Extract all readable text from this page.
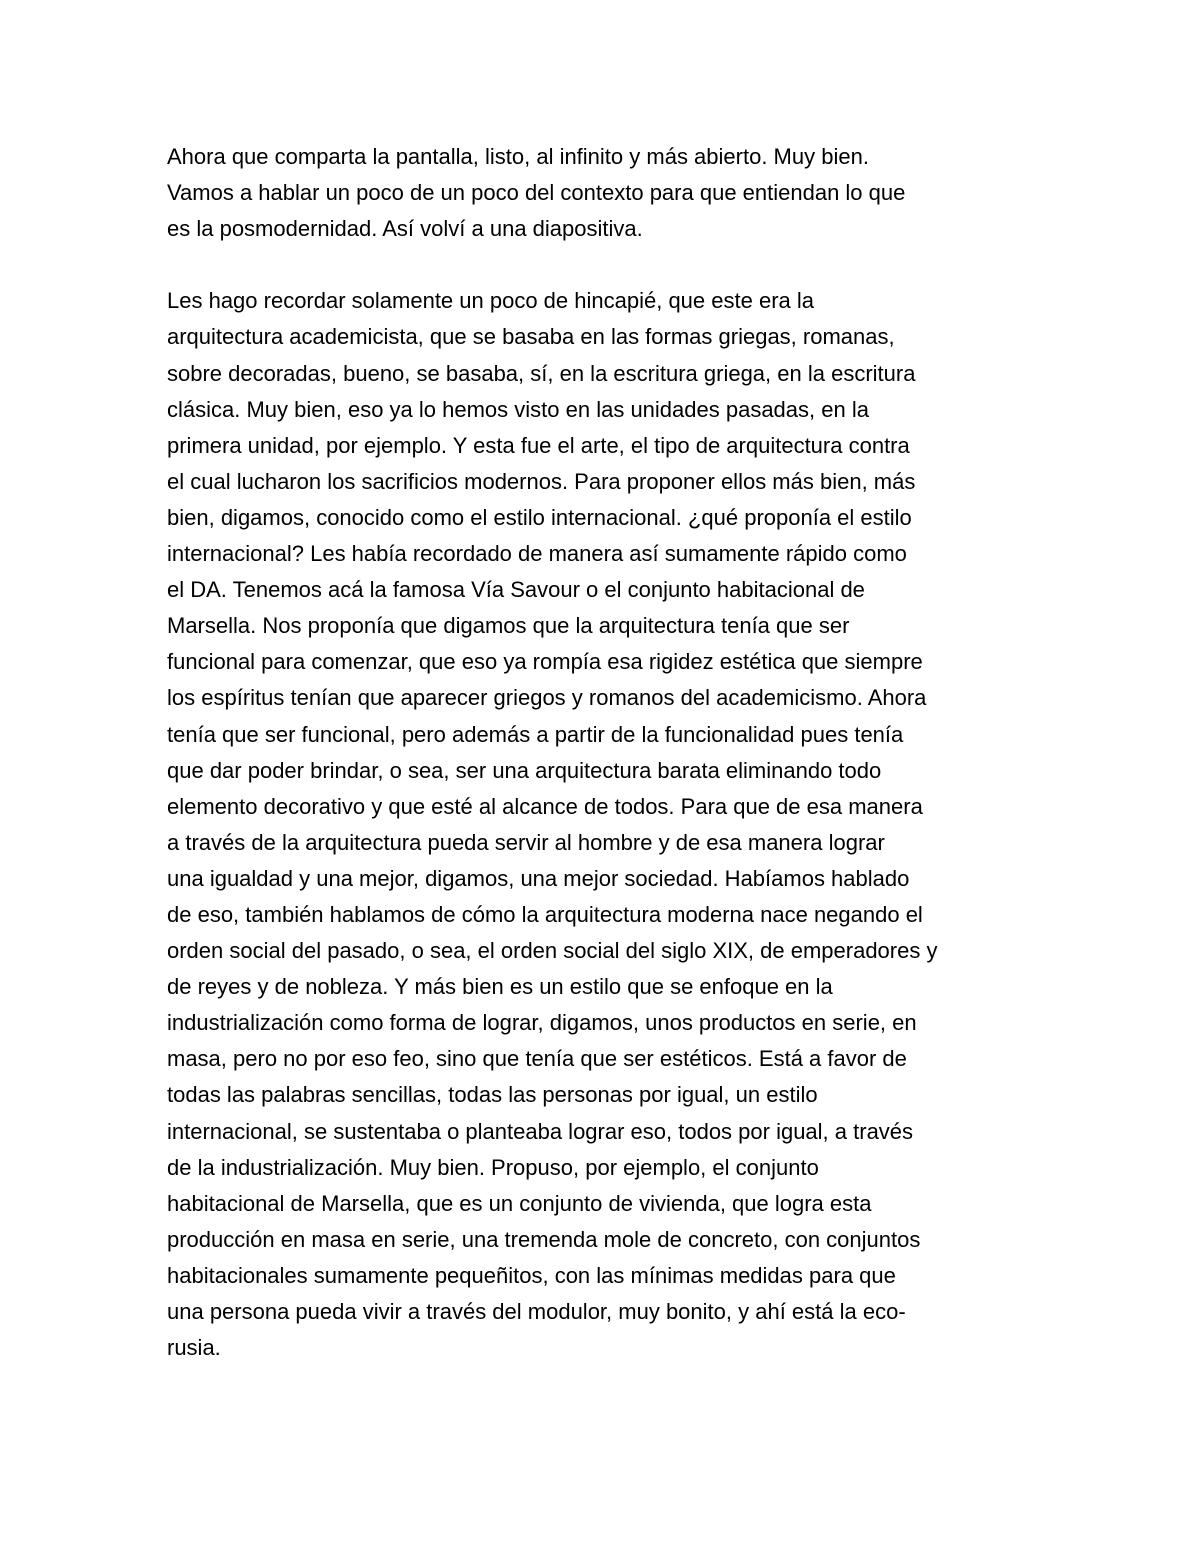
Ahora que comparta la pantalla, listo, al infinito y más abierto. Muy bien.
Vamos a hablar un poco de un poco del contexto para que entiendan lo que
es la posmodernidad. Así volví a una diapositiva.
Les hago recordar solamente un poco de hincapié, que este era la
arquitectura academicista, que se basaba en las formas griegas, romanas,
sobre decoradas, bueno, se basaba, sí, en la escritura griega, en la escritura
clásica. Muy bien, eso ya lo hemos visto en las unidades pasadas, en la
primera unidad, por ejemplo. Y esta fue el arte, el tipo de arquitectura contra
el cual lucharon los sacrificios modernos. Para proponer ellos más bien, más
bien, digamos, conocido como el estilo internacional. ¿qué proponía el estilo
internacional? Les había recordado de manera así sumamente rápido como
el DA. Tenemos acá la famosa Vía Savour o el conjunto habitacional de
Marsella. Nos proponía que digamos que la arquitectura tenía que ser
funcional para comenzar, que eso ya rompía esa rigidez estética que siempre
los espíritus tenían que aparecer griegos y romanos del academicismo. Ahora
tenía que ser funcional, pero además a partir de la funcionalidad pues tenía
que dar poder brindar, o sea, ser una arquitectura barata eliminando todo
elemento decorativo y que esté al alcance de todos. Para que de esa manera
a través de la arquitectura pueda servir al hombre y de esa manera lograr
una igualdad y una mejor, digamos, una mejor sociedad. Habíamos hablado
de eso, también hablamos de cómo la arquitectura moderna nace negando el
orden social del pasado, o sea, el orden social del siglo XIX, de emperadores y
de reyes y de nobleza. Y más bien es un estilo que se enfoque en la
industrialización como forma de lograr, digamos, unos productos en serie, en
masa, pero no por eso feo, sino que tenía que ser estéticos. Está a favor de
todas las palabras sencillas, todas las personas por igual, un estilo
internacional, se sustentaba o planteaba lograr eso, todos por igual, a través
de la industrialización. Muy bien. Propuso, por ejemplo, el conjunto
habitacional de Marsella, que es un conjunto de vivienda, que logra esta
producción en masa en serie, una tremenda mole de concreto, con conjuntos
habitacionales sumamente pequeñitos, con las mínimas medidas para que
una persona pueda vivir a través del modulor, muy bonito, y ahí está la eco-
rusia.
